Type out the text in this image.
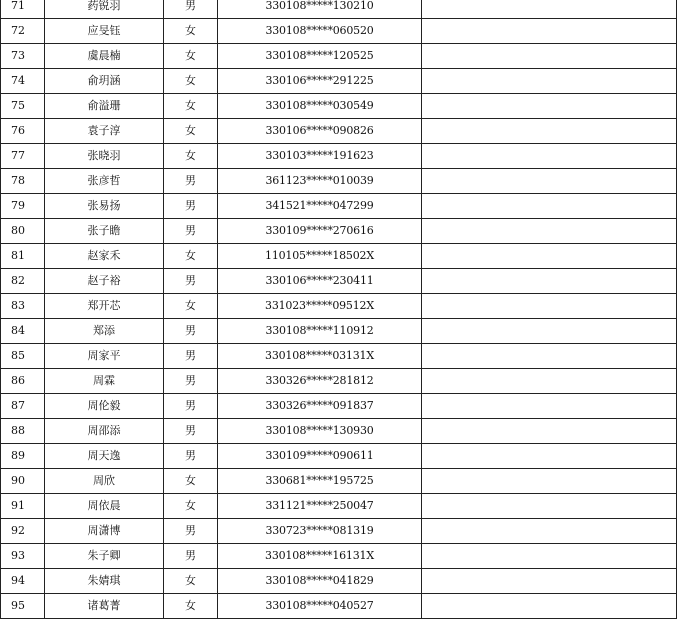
71	药锐羽	男	330108*****130210	
72	应旻钰	女	330108*****060520	
73	虞晨楠	女	330108*****120525	
74	俞玥涵	女	330106*****291225	
75	俞溢珊	女	330108*****030549	
76	袁子淳	女	330106*****090826	
77	张晓羽	女	330103*****191623	
78	张彦哲	男	361123*****010039	
79	张易扬	男	341521*****047299	
80	张子瞻	男	330109*****270616	
81	赵家禾	女	110105*****18502X	
82	赵子裕	男	330106*****230411	
83	郑开芯	女	331023*****09512X	
84	郑添	男	330108*****110912	
85	周家平	男	330108*****03131X	
86	周霖	男	330326*****281812	
87	周伦毅	男	330326*****091837	
88	周邵添	男	330108*****130930	
89	周天逸	男	330109*****090611	
90	周欣	女	330681*****195725	
91	周依晨	女	331121*****250047	
92	周潇博	男	330723*****081319	
93	朱子卿	男	330108*****16131X	
94	朱婧琪	女	330108*****041829	
95	诸葛菁	女	330108*****040527	
